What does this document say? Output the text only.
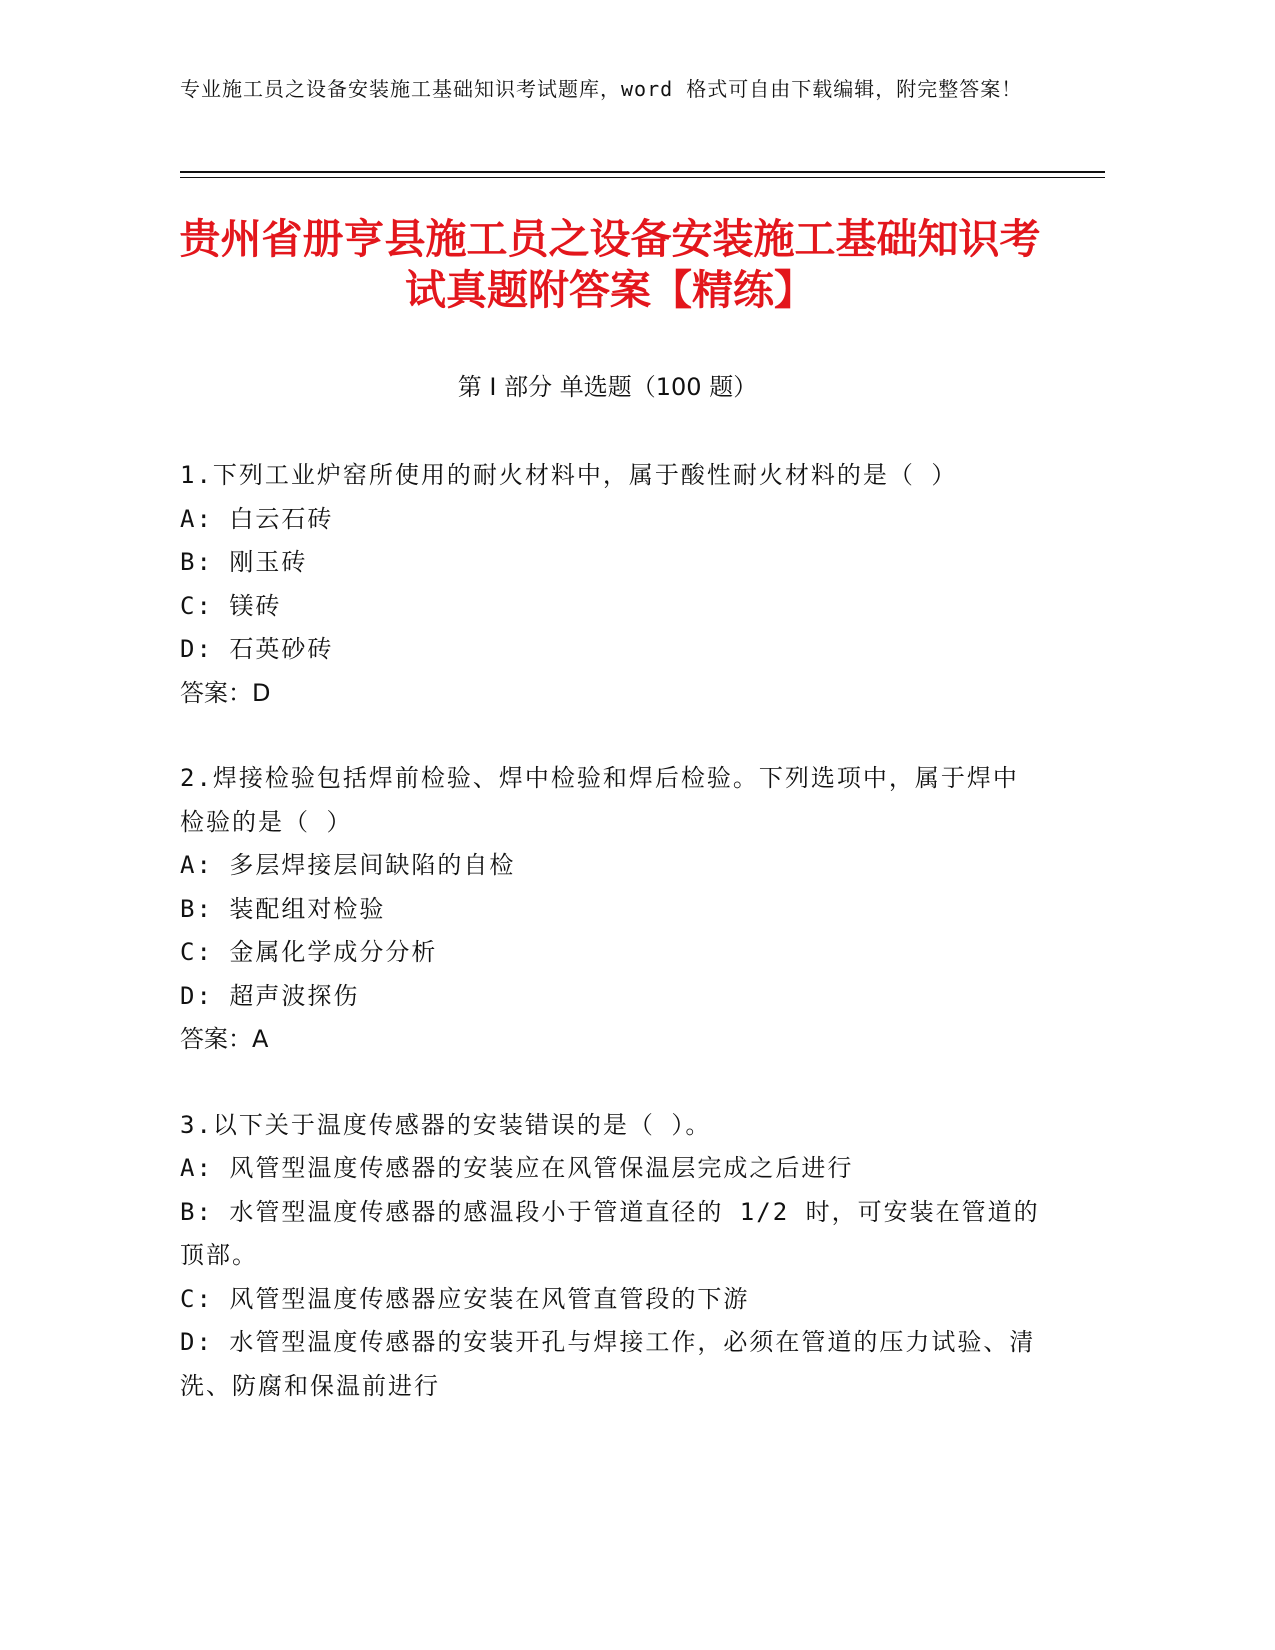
专业施工员之设备安装施工基础知识考试题库，word 格式可自由下载编辑，附完整答案！
贵州省册亨县施工员之设备安装施工基础知识考试真题附答案【精练】
第 I 部分 单选题（100 题）
1.下列工业炉窑所使用的耐火材料中，属于酸性耐火材料的是（ ）
A: 白云石砖
B: 刚玉砖
C: 镁砖
D: 石英砂砖
答案：D
2.焊接检验包括焊前检验、焊中检验和焊后检验。下列选项中，属于焊中检验的是（ ）
A: 多层焊接层间缺陷的自检
B: 装配组对检验
C: 金属化学成分分析
D: 超声波探伤
答案：A
3.以下关于温度传感器的安装错误的是（ ）。
A: 风管型温度传感器的安装应在风管保温层完成之后进行
B: 水管型温度传感器的感温段小于管道直径的 1/2 时，可安装在管道的顶部。
C: 风管型温度传感器应安装在风管直管段的下游
D: 水管型温度传感器的安装开孔与焊接工作，必须在管道的压力试验、清洗、防腐和保温前进行
